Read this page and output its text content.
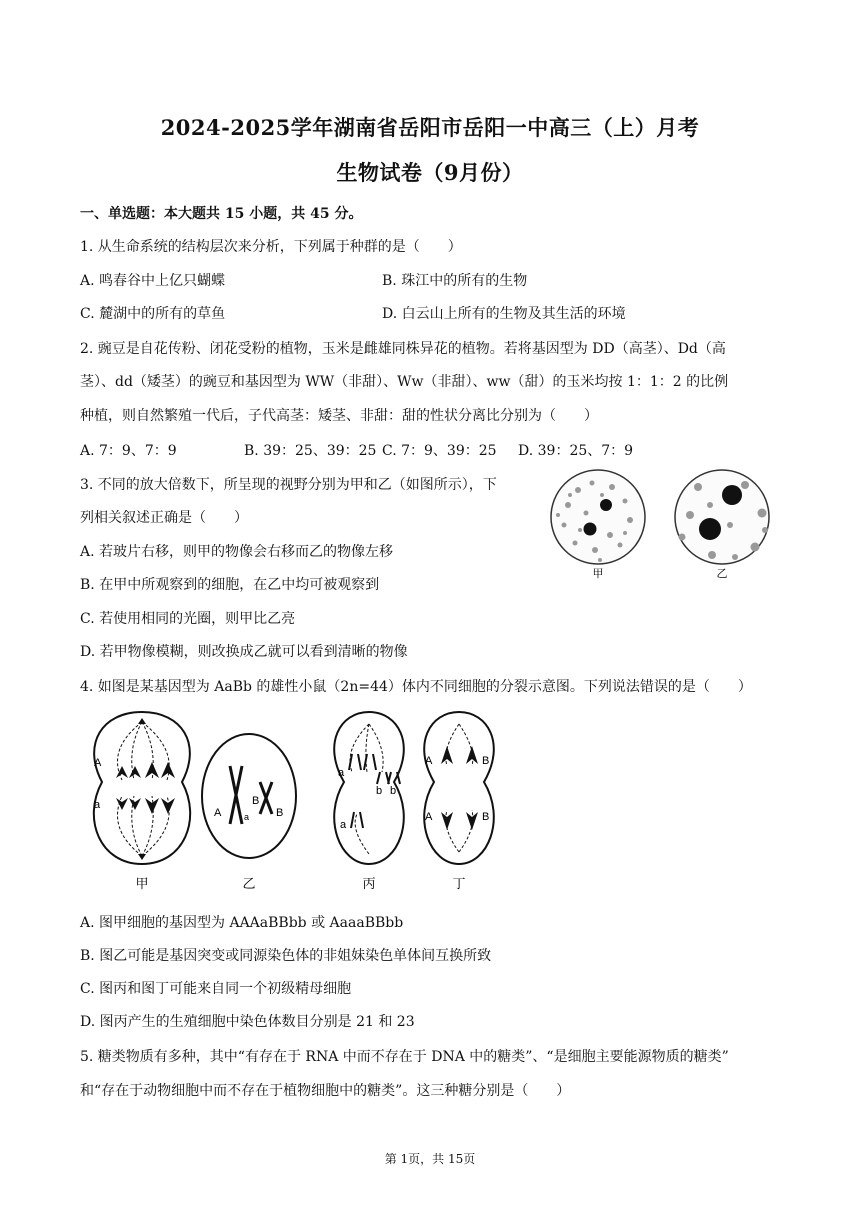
2024-2025学年湖南省岳阳市岳阳一中高三（上）月考
生物试卷（9月份）
一、单选题：本大题共 15 小题，共 45 分。
1. 从生命系统的结构层次来分析，下列属于种群的是（　　）
A. 鸣春谷中上亿只蝴蝶	B. 珠江中的所有的生物
C. 麓湖中的所有的草鱼	D. 白云山上所有的生物及其生活的环境
2. 豌豆是自花传粉、闭花受粉的植物，玉米是雌雄同株异花的植物。若将基因型为 DD（高茎）、Dd（高
茎）、dd（矮茎）的豌豆和基因型为 WW（非甜）、Ww（非甜）、ww（甜）的玉米均按 1：1：2 的比例
种植，则自然繁殖一代后，子代高茎：矮茎、非甜：甜的性状分离比分别为（　　）
A. 7：9、7：9	B. 39：25、39：25 C. 7：9、39：25 D. 39：25、7：9
3. 不同的放大倍数下，所呈现的视野分别为甲和乙（如图所示），下
列相关叙述正确是（　　）
A. 若玻片右移，则甲的物像会右移而乙的物像左移
B. 在甲中所观察到的细胞，在乙中均可被观察到
C. 若使用相同的光圈，则甲比乙亮
D. 若甲物像模糊，则改换成乙就可以看到清晰的物像
甲	乙
4. 如图是某基因型为 AaBb 的雄性小鼠（2n=44）体内不同细胞的分裂示意图。下列说法错误的是（　　）
A
a
A	a
B
B
a
b b
a
A	B
A	B
甲	乙	丙	丁
A. 图甲细胞的基因型为 AAAaBBbb 或 AaaaBBbb
B. 图乙可能是基因突变或同源染色体的非姐妹染色单体间互换所致
C. 图丙和图丁可能来自同一个初级精母细胞
D. 图丙产生的生殖细胞中染色体数目分别是 21 和 23
5. 糖类物质有多种，其中“有存在于 RNA 中而不存在于 DNA 中的糖类”、“是细胞主要能源物质的糖类”
和“存在于动物细胞中而不存在于植物细胞中的糖类”。这三种糖分别是（　　）
第 1页，共 15页
